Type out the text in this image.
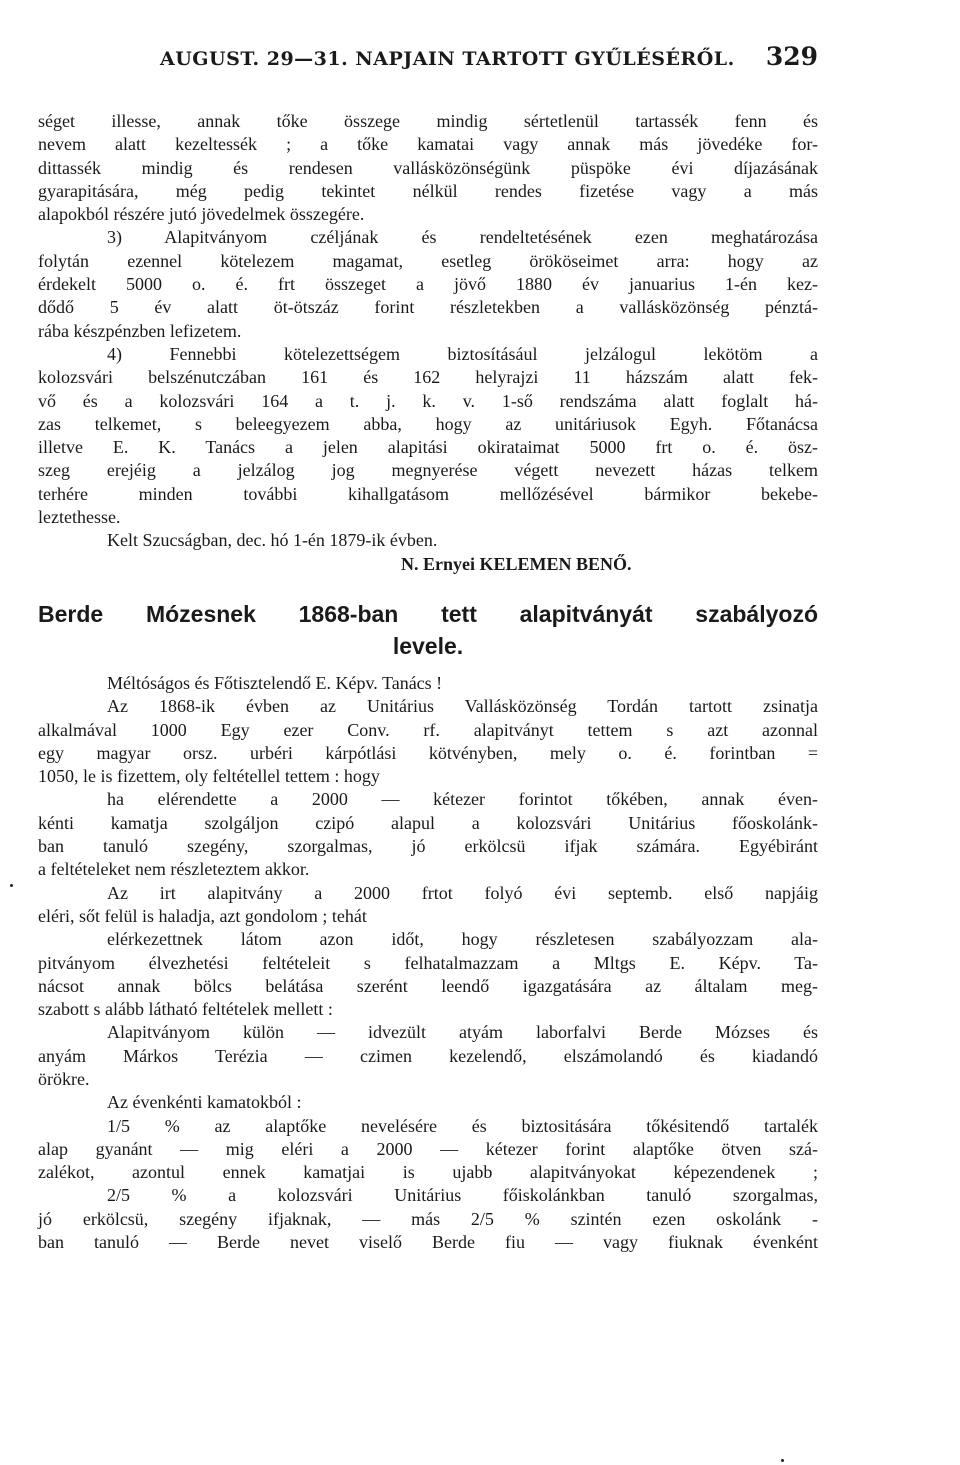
AUGUST. 29—31. NAPJAIN TARTOTT GYŰLÉSÉRŐL. 329
séget illesse, annak tőke összege mindig sértetlenül tartassék fenn és
nevem alatt kezeltessék ; a tőke kamatai vagy annak más jövedéke for-
dittassék mindig és rendesen vallásközönségünk püspöke évi díjazásának
gyarapitására, még pedig tekintet nélkül rendes fizetése vagy a más
alapokból részére jutó jövedelmek összegére.
3) Alapitványom czéljának és rendeltetésének ezen meghatározása
folytán ezennel kötelezem magamat, esetleg örököseimet arra: hogy az
érdekelt 5000 o. é. frt összeget a jövő 1880 év januarius 1-én kez-
dődő 5 év alatt öt-ötszáz forint részletekben a vallásközönség pénztá-
rába készpénzben lefizetem.
4) Fennebbi kötelezettségem biztosításául jelzálogul lekötöm a
kolozsvári belszénutczában 161 és 162 helyrajzi 11 házszám alatt fek-
vő és a kolozsvári 164 a t. j. k. v. 1-ső rendszáma alatt foglalt há-
zas telkemet, s beleegyezem abba, hogy az unitáriusok Egyh. Főtanácsa
illetve E. K. Tanács a jelen alapitási okirataimat 5000 frt o. é. ösz-
szeg erejéig a jelzálog jog megnyerése végett nevezett házas telkem
terhére minden további kihallgatásom mellőzésével bármikor bekebe-
leztethesse.
Kelt Szucságban, dec. hó 1-én 1879-ik évben.
N. Ernyei KELEMEN BENŐ.
Berde Mózesnek 1868-ban tett alapitványát szabályozó
levele.
Méltóságos és Főtisztelendő E. Képv. Tanács !
Az 1868-ik évben az Unitárius Vallásközönség Tordán tartott zsinatja
alkalmával 1000 Egy ezer Conv. rf. alapitványt tettem s azt azonnal
egy magyar orsz. urbéri kárpótlási kötvényben, mely o. é. forintban =
1050, le is fizettem, oly feltétellel tettem : hogy
ha elérendette a 2000 — kétezer forintot tőkében, annak éven-
kénti kamatja szolgáljon czipó alapul a kolozsvári Unitárius főoskolánk-
ban tanuló szegény, szorgalmas, jó erkölcsü ifjak számára. Egyébiránt
a feltételeket nem részleteztem akkor.
Az irt alapitvány a 2000 frtot folyó évi septemb. első napjáig
eléri, sőt felül is haladja, azt gondolom ; tehát
elérkezettnek látom azon időt, hogy részletesen szabályozzam ala-
pitványom élvezhetési feltételeit s felhatalmazzam a Mltgs E. Képv. Ta-
nácsot annak bölcs belátása szerént leendő igazgatására az általam meg-
szabott s alább látható feltételek mellett :
Alapitványom külön — idvezült atyám laborfalvi Berde Mózses és
anyám Márkos Terézia — czimen kezelendő, elszámolandó és kiadandó
örökre.
Az évenkénti kamatokból :
1/5 % az alaptőke nevelésére és biztositására tőkésitendő tartalék
alap gyanánt — mig eléri a 2000 — kétezer forint alaptőke ötven szá-
zalékot, azontul ennek kamatjai is ujabb alapitványokat képezendenek ;
2/5 % a kolozsvári Unitárius főiskolánkban tanuló szorgalmas,
jó erkölcsü, szegény ifjaknak, — más 2/5 % szintén ezen oskolánk -
ban tanuló — Berde nevet viselő Berde fiu — vagy fiuknak évenként
